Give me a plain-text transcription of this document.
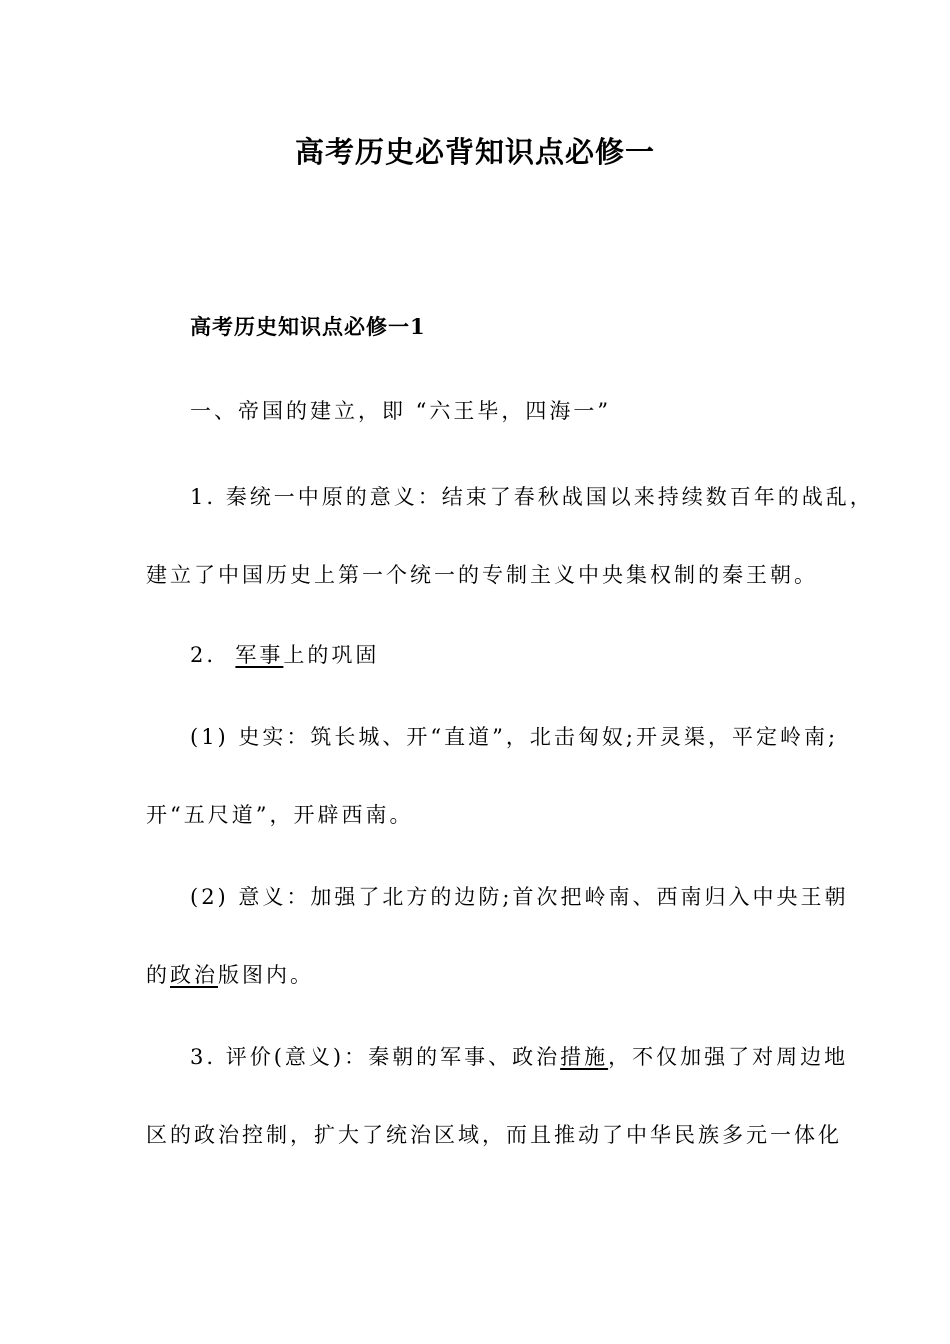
高考历史必背知识点必修一
高考历史知识点必修一1
一、帝国的建立，即 “六王毕，四海一”
1. 秦统一中原的意义：结束了春秋战国以来持续数百年的战乱，
建立了中国历史上第一个统一的专制主义中央集权制的秦王朝。
2.  军事上的巩固
(1) 史实：筑长城、开“直道”，北击匈奴;开灵渠，平定岭南;
开“五尺道”，开辟西南。
(2) 意义：加强了北方的边防;首次把岭南、西南归入中央王朝
的政治版图内。
3. 评价(意义)：秦朝的军事、政治措施，不仅加强了对周边地
区的政治控制，扩大了统治区域，而且推动了中华民族多元一体化
